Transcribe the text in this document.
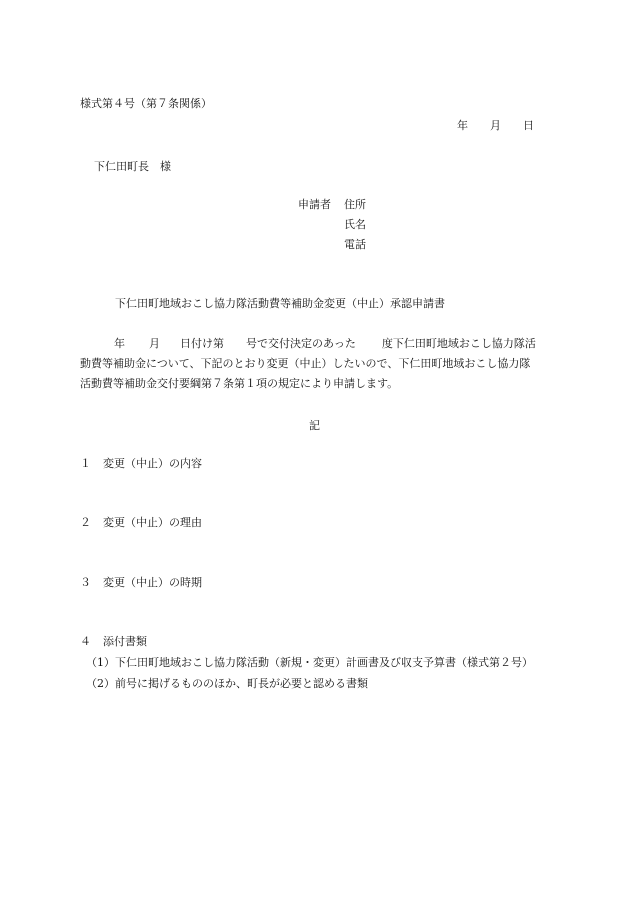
様式第４号（第７条関係）
年 月 日
下仁田町長　様
申請者 住所
氏名
電話
下仁田町地域おこし協力隊活動費等補助金変更（中止）承認申請書
年 月 日付け第 号で交付決定のあった 度下仁田町地域おこし協力隊活
動費等補助金について、下記のとおり変更（中止）したいので、下仁田町地域おこし協力隊
活動費等補助金交付要綱第７条第１項の規定により申請します。
記
１ 変更（中止）の内容
２ 変更（中止）の理由
３ 変更（中止）の時期
４ 添付書類
（1）下仁田町地域おこし協力隊活動（新規・変更）計画書及び収支予算書（様式第２号）
（2）前号に掲げるもののほか、町長が必要と認める書類
